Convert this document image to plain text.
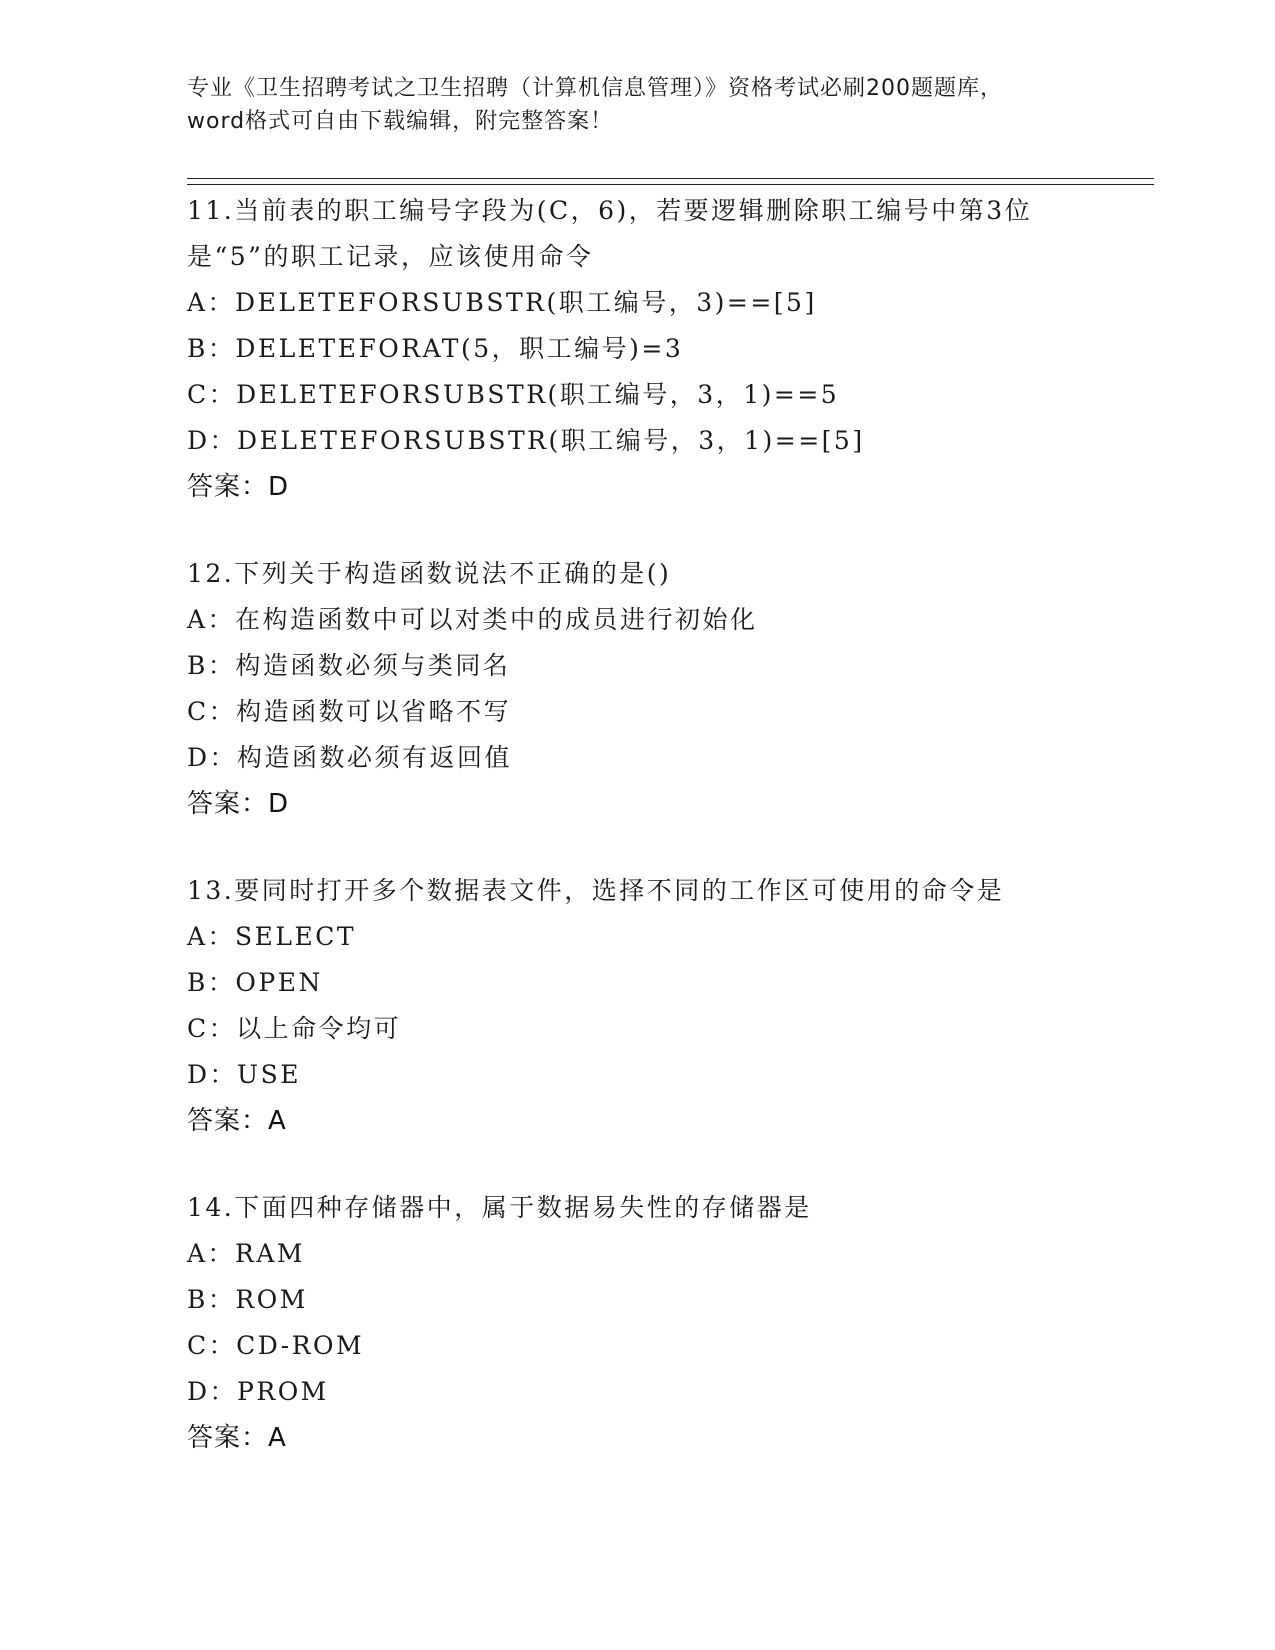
专业《卫生招聘考试之卫生招聘（计算机信息管理）》资格考试必刷200题题库，
word格式可自由下载编辑，附完整答案！
11.当前表的职工编号字段为(C，6)，若要逻辑删除职工编号中第3位
是“5”的职工记录，应该使用命令
A：DELETEFORSUBSTR(职工编号，3)==[5]
B：DELETEFORAT(5，职工编号)=3
C：DELETEFORSUBSTR(职工编号，3，1)==5
D：DELETEFORSUBSTR(职工编号，3，1)==[5]
答案：D
12.下列关于构造函数说法不正确的是()
A：在构造函数中可以对类中的成员进行初始化
B：构造函数必须与类同名
C：构造函数可以省略不写
D：构造函数必须有返回值
答案：D
13.要同时打开多个数据表文件，选择不同的工作区可使用的命令是
A：SELECT
B：OPEN
C：以上命令均可
D：USE
答案：A
14.下面四种存储器中，属于数据易失性的存储器是
A：RAM
B：ROM
C：CD-ROM
D：PROM
答案：A
